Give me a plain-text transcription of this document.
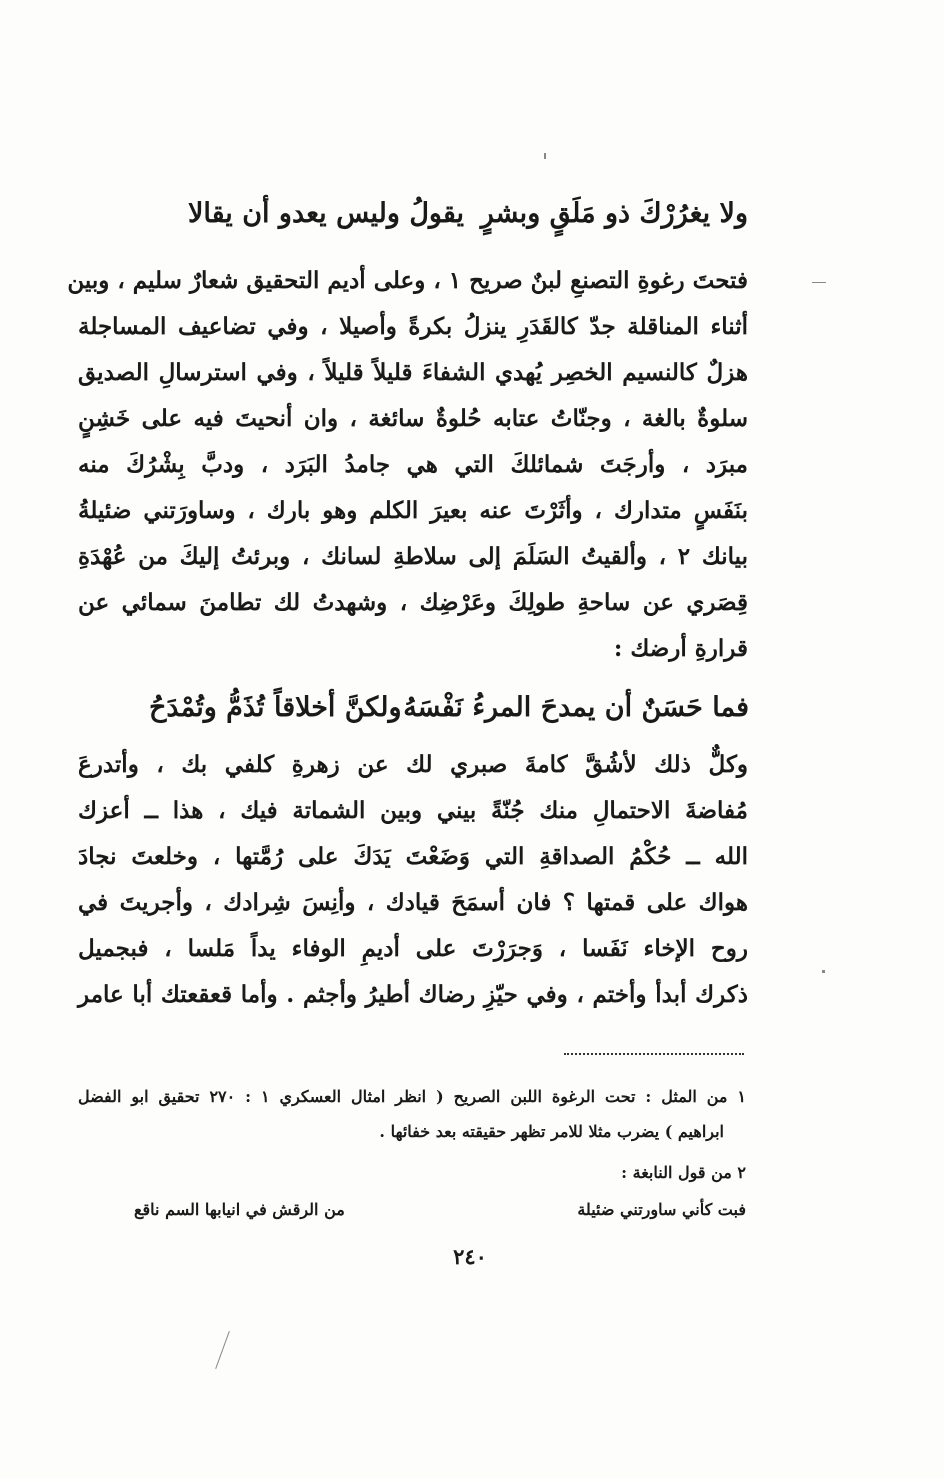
ولا يغرُرْكَ ذو مَلَقٍ وبشرٍ
يقولُ وليس يعدو أن يقالا
فتحتَ رغوةِ التصنعِ لبنٌ صريح ١ ، وعلى أديم التحقيق شعارٌ سليم ، وبين
أثناء المناقلة جدّ كالقَدَرِ ينزلُ بكرةً وأصيلا ، وفي تضاعيف المساجلة
هزلٌ كالنسيم الخصِر يُهدي الشفاءَ قليلاً قليلاً ، وفي استرسالِ الصديق
سلوةٌ بالغة ، وجنّاتُ عتابه حُلوةٌ سائغة ، وان أنحيتَ فيه على خَشِنٍ
مبرَد ، وأرجَتَ شمائلكَ التي هي جامدُ البَرَد ، ودبَّ بِشْرُكَ منه
بنَفَسٍ متدارك ، وأثَرْتَ عنه بعيرَ الكلم وهو بارك ، وساورَتني ضئيلةُ
بيانك ٢ ، وألقيتُ السَلَمَ إلى سلاطةِ لسانك ، وبرئتُ إليكَ من عُهْدَةِ
قِصَري عن ساحةِ طولِكَ وعَرْضِك ، وشهدتُ لك تطامنَ سمائي عن
قرارةِ أرضك :
فما حَسَنٌ أن يمدحَ المرءُ نَفْسَهُ
ولكنَّ أخلاقاً تُذَمُّ وتُمْدَحُ
وكلٌّ ذلك لأشُقَّ كامةَ صبري لك عن زهرةِ كلفي بك ، وأتدرعَ
مُفاضةَ الاحتمالِ منك جُنّةً بيني وبين الشماتة فيك ، هذا ــ أعزك
الله ــ حُكْمُ الصداقةِ التي وَضَعْتَ يَدَكَ على رُمَّتها ، وخلعتَ نجادَ
هواك على قمتها ؟ فان أسمَحَ قيادك ، وأنِسَ شِرادك ، وأجريتَ في
روح الإخاء نَفَسا ، وَجرَرْتَ على أديمِ الوفاء يداً مَلسا ، فبجميل
ذكرك أبدأ وأختم ، وفي حيّزِ رضاك أطيرُ وأجثم . وأما قعقعتك أبا عامر
١ من المثل : تحت الرغوة اللبن الصريح ( انظر امثال العسكري ١ : ٢٧٠ تحقيق ابو الفضل
ابراهيم ) يضرب مثلا للامر تظهر حقيقته بعد خفائها .
٢ من قول النابغة :
فبت كأني ساورتني ضئيلة
من الرقش في انيابها السم ناقع
٢٤٠
